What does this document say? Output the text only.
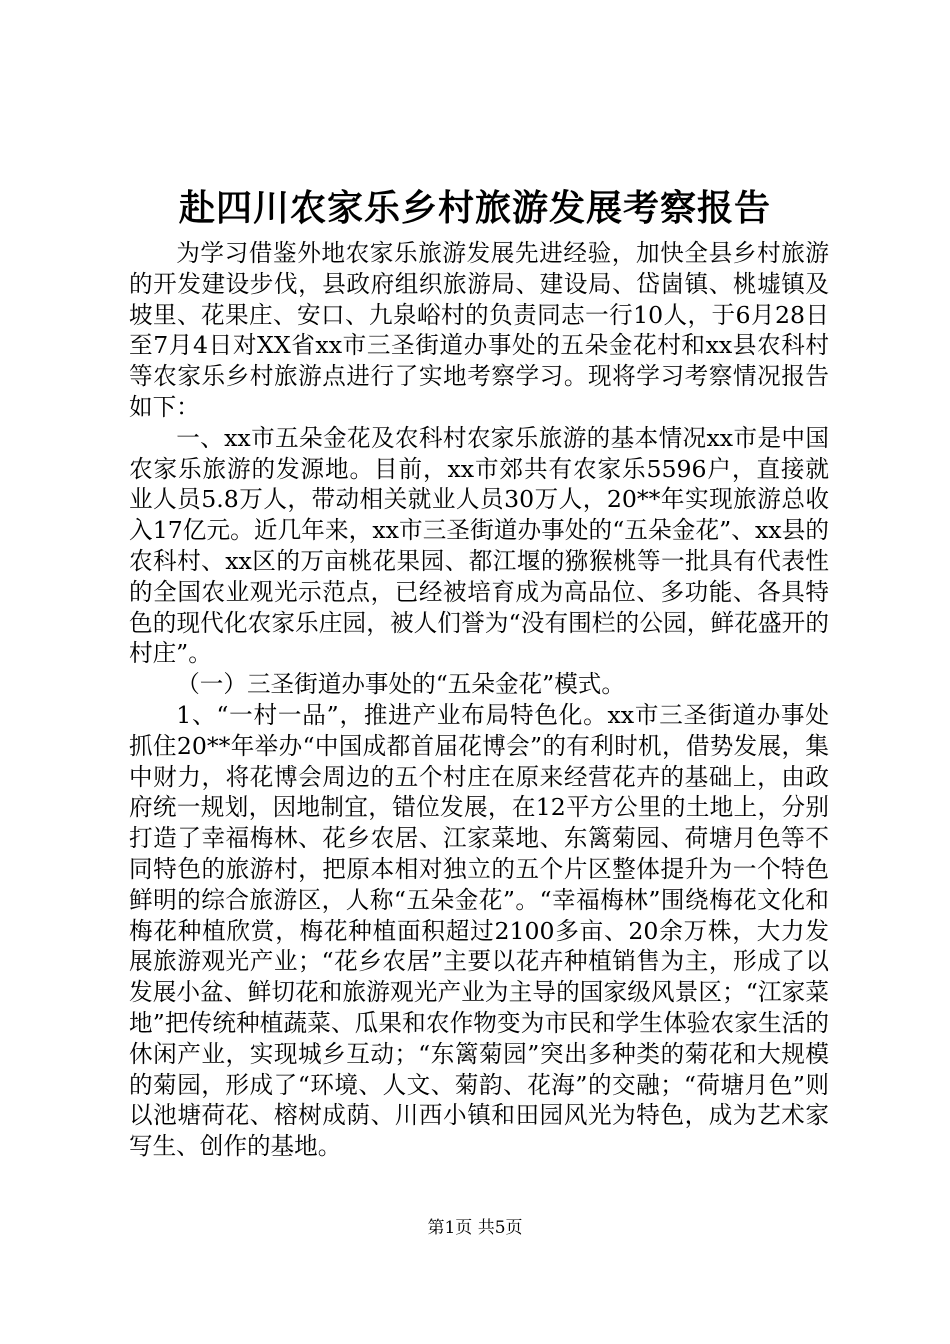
赴四川农家乐乡村旅游发展考察报告

为学习借鉴外地农家乐旅游发展先进经验，加快全县乡村旅游的开发建设步伐，县政府组织旅游局、建设局、岱崮镇、桃墟镇及坡里、花果庄、安口、九泉峪村的负责同志一行10人，于6月28日至7月4日对XX省xx市三圣街道办事处的五朵金花村和xx县农科村等农家乐乡村旅游点进行了实地考察学习。现将学习考察情况报告如下：

一、xx市五朵金花及农科村农家乐旅游的基本情况xx市是中国农家乐旅游的发源地。目前，xx市郊共有农家乐5596户，直接就业人员5.8万人，带动相关就业人员30万人，20**年实现旅游总收入17亿元。近几年来，xx市三圣街道办事处的“五朵金花”、xx县的农科村、xx区的万亩桃花果园、都江堰的猕猴桃等一批具有代表性的全国农业观光示范点，已经被培育成为高品位、多功能、各具特色的现代化农家乐庄园，被人们誉为“没有围栏的公园，鲜花盛开的村庄”。

（一）三圣街道办事处的“五朵金花”模式。

1、“一村一品”，推进产业布局特色化。xx市三圣街道办事处抓住20**年举办“中国成都首届花博会”的有利时机，借势发展，集中财力，将花博会周边的五个村庄在原来经营花卉的基础上，由政府统一规划，因地制宜，错位发展，在12平方公里的土地上，分别打造了幸福梅林、花乡农居、江家菜地、东篱菊园、荷塘月色等不同特色的旅游村，把原本相对独立的五个片区整体提升为一个特色鲜明的综合旅游区，人称“五朵金花”。“幸福梅林”围绕梅花文化和梅花种植欣赏，梅花种植面积超过2100多亩、20余万株，大力发展旅游观光产业；“花乡农居”主要以花卉种植销售为主，形成了以发展小盆、鲜切花和旅游观光产业为主导的国家级风景区；“江家菜地”把传统种植蔬菜、瓜果和农作物变为市民和学生体验农家生活的休闲产业，实现城乡互动；“东篱菊园”突出多种类的菊花和大规模的菊园，形成了“环境、人文、菊韵、花海”的交融；“荷塘月色”则以池塘荷花、榕树成荫、川西小镇和田园风光为特色，成为艺术家写生、创作的基地。

第1页 共5页
